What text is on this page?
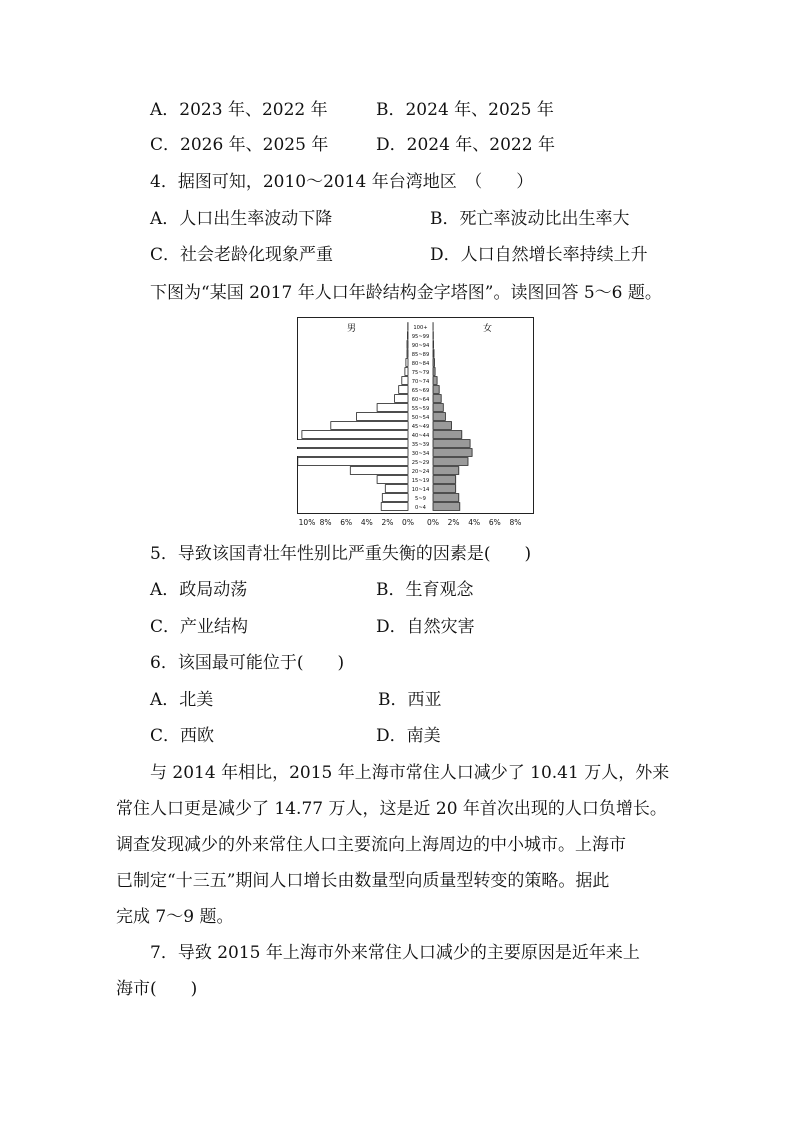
A．2023 年、2022 年	B．2024 年、2025 年
C．2026 年、2025 年	D．2024 年、2022 年
4．据图可知，2010～2014 年台湾地区　（　　）
A．人口出生率波动下降	B．死亡率波动比出生率大
C．社会老龄化现象严重	D．人口自然增长率持续上升
下图为“某国 2017 年人口年龄结构金字塔图”。读图回答 5～6 题。
男	女
0~4
5~9
10~14
15~19
20~24
25~29
30~34
35~39
40~44
45~49
50~54
55~59
60~64
65~69
70~74
75~79
80~84
85~89
90~94
95~99
100+
10% 8% 6% 4% 2% 0% 0% 2% 4% 6% 8%
5．导致该国青壮年性别比严重失衡的因素是(　　)
A．政局动荡	B．生育观念
C．产业结构	D．自然灾害
6．该国最可能位于(　　)
A．北美	B．西亚
C．西欧	D．南美
与 2014 年相比，2015 年上海市常住人口减少了 10.41 万人，外来
常住人口更是减少了 14.77 万人，这是近 20 年首次出现的人口负增长。
调查发现减少的外来常住人口主要流向上海周边的中小城市。上海市
已制定“十三五”期间人口增长由数量型向质量型转变的策略。据此
完成 7～9 题。
7．导致 2015 年上海市外来常住人口减少的主要原因是近年来上
海市(　　)
